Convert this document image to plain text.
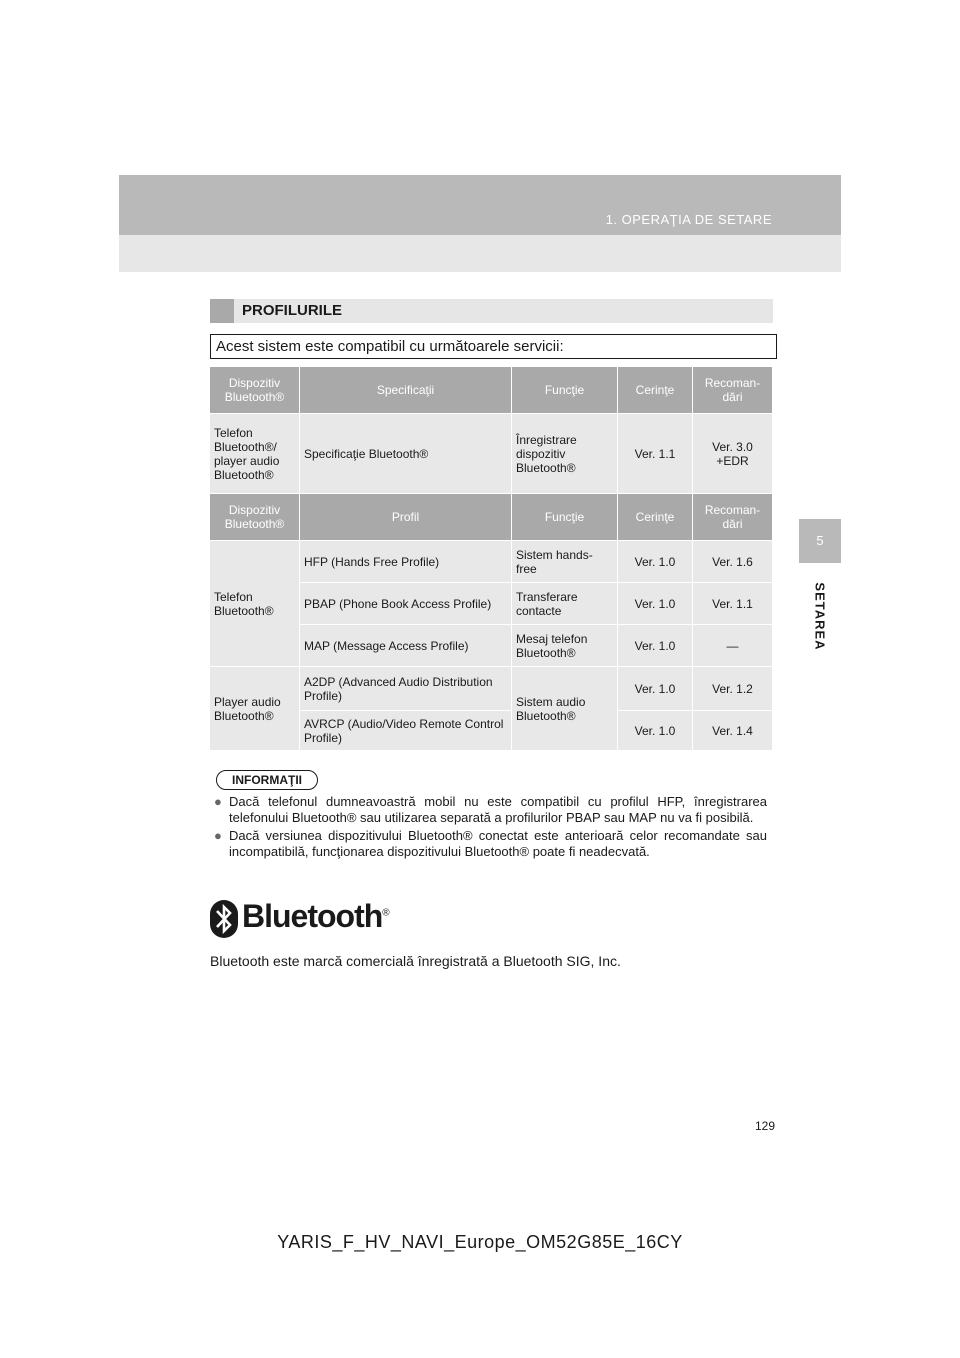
1. OPERAŢIA DE SETARE
5
SETAREA
PROFILURILE
Acest sistem este compatibil cu următoarele servicii:
Dispozitiv Bluetooth®	Specificaţii	Funcţie	Cerinţe	Recoman-dări
Telefon Bluetooth®/ player audio Bluetooth®	Specificaţie Bluetooth®	Înregistrare dispozitiv Bluetooth®	Ver. 1.1	Ver. 3.0 +EDR
Dispozitiv Bluetooth®	Profil	Funcţie	Cerinţe	Recoman-dări
Telefon Bluetooth®	HFP (Hands Free Profile)	Sistem hands-free	Ver. 1.0	Ver. 1.6
	PBAP (Phone Book Access Profile)	Transferare contacte	Ver. 1.0	Ver. 1.1
	MAP (Message Access Profile)	Mesaj telefon Bluetooth®	Ver. 1.0	—
Player audio Bluetooth®	A2DP (Advanced Audio Distribution Profile)	Sistem audio Bluetooth®	Ver. 1.0	Ver. 1.2
	AVRCP (Audio/Video Remote Control Profile)		Ver. 1.0	Ver. 1.4
INFORMAŢII
● Dacă telefonul dumneavoastră mobil nu este compatibil cu profilul HFP, înregistrarea telefonului Bluetooth® sau utilizarea separată a profilurilor PBAP sau MAP nu va fi posibilă.
● Dacă versiunea dispozitivului Bluetooth® conectat este anterioară celor recomandate sau incompatibilă, funcţionarea dispozitivului Bluetooth® poate fi neadecvată.
Bluetooth®
Bluetooth este marcă comercială înregistrată a Bluetooth SIG, Inc.
129
YARIS_F_HV_NAVI_Europe_OM52G85E_16CY
